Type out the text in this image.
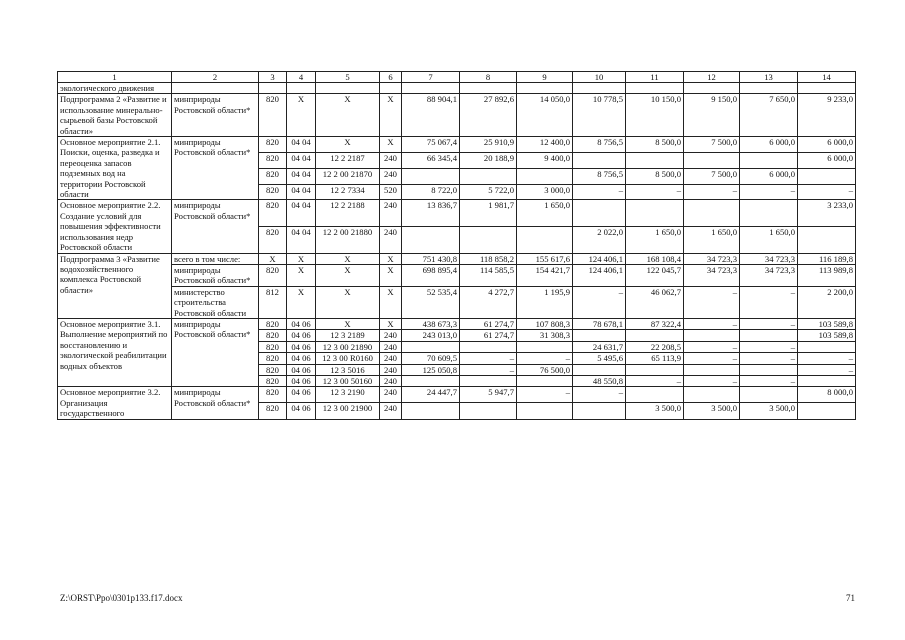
1	2	3	4	5	6	7	8	9	10	11	12	13	14
экологического движения													
Подпрограмма 2 «Развитие и использование минерально-сырьевой базы Ростовской области»	минприроды Ростовской области*	820	X	X	X	88 904,1	27 892,6	14 050,0	10 778,5	10 150,0	9 150,0	7 650,0	9 233,0
Основное мероприятие 2.1. Поиски, оценка, разведка и переоценка запасов подземных вод на территории Ростовской области	минприроды Ростовской области*	820	04 04	X	X	75 067,4	25 910,9	12 400,0	8 756,5	8 500,0	7 500,0	6 000,0	6 000,0
		820	04 04	12 2 2187	240	66 345,4	20 188,9	9 400,0					6 000,0
		820	04 04	12 2 00 21870	240				8 756,5	8 500,0	7 500,0	6 000,0	
		820	04 04	12 2 7334	520	8 722,0	5 722,0	3 000,0	–	–	–	–	–
Основное мероприятие 2.2. Создание условий для повышения эффективности использования недр Ростовской области	минприроды Ростовской области*	820	04 04	12 2 2188	240	13 836,7	1 981,7	1 650,0					3 233,0
		820	04 04	12 2 00 21880	240				2 022,0	1 650,0	1 650,0	1 650,0	
Подпрограмма 3 «Развитие водохозяйственного комплекса Ростовской области»	всего в том числе:	X	X	X	X	751 430,8	118 858,2	155 617,6	124 406,1	168 108,4	34 723,3	34 723,3	116 189,8
	минприроды Ростовской области*	820	X	X	X	698 895,4	114 585,5	154 421,7	124 406,1	122 045,7	34 723,3	34 723,3	113 989,8
	министерство строительства Ростовской области	812	X	X	X	52 535,4	4 272,7	1 195,9	–	46 062,7	–	–	2 200,0
Основное мероприятие 3.1. Выполнение мероприятий по восстановлению и экологической реабилитации водных объектов	минприроды Ростовской области*	820	04 06	X	X	438 673,3	61 274,7	107 808,3	78 678,1	87 322,4	–	–	103 589,8
		820	04 06	12 3 2189	240	243 013,0	61 274,7	31 308,3					103 589,8
		820	04 06	12 3 00 21890	240				24 631,7	22 208,5	–	–	
		820	04 06	12 3 00 R0160	240	70 609,5	–	–	5 495,6	65 113,9	–	–	–
		820	04 06	12 3 5016	240	125 050,8	–	76 500,0					–
		820	04 06	12 3 00 50160	240				48 550,8	–	–	–	
Основное мероприятие 3.2. Организация государственного	минприроды Ростовской области*	820	04 06	12 3 2190	240	24 447,7	5 947,7	–	–				8 000,0
		820	04 06	12 3 00 21900	240					3 500,0	3 500,0	3 500,0	
Z:\ORST\Ppo\0301p133.f17.docx	71
